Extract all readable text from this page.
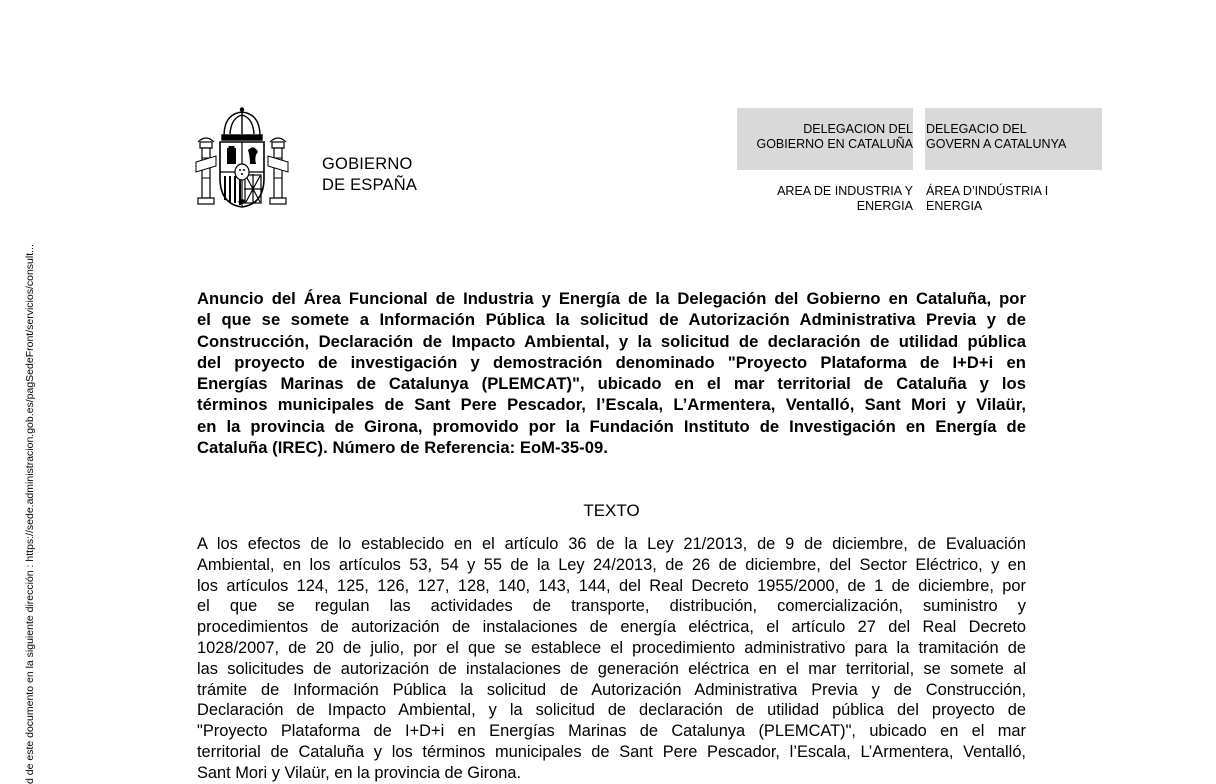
d de este documento en la siguiente dirección : https://sede.administracion.gob.es/pagSedeFront/servicios/consult...
GOBIERNO
DE ESPAÑA
DELEGACION DEL
GOBIERNO EN CATALUÑA
DELEGACIO DEL
GOVERN A CATALUNYA
AREA DE INDUSTRIA Y
ENERGIA
ÁREA D’INDÚSTRIA I
ENERGIA
Anuncio del Área Funcional de Industria y Energía de la Delegación del Gobierno en Cataluña, por
el que se somete a Información Pública la solicitud de Autorización Administrativa Previa y de
Construcción, Declaración de Impacto Ambiental, y la solicitud de declaración de utilidad pública
del proyecto de investigación y demostración denominado "Proyecto Plataforma de I+D+i en
Energías Marinas de Catalunya (PLEMCAT)", ubicado en el mar territorial de Cataluña y los
términos municipales de Sant Pere Pescador, l’Escala, L’Armentera, Ventalló, Sant Mori y Vilaür,
en la provincia de Girona, promovido por la Fundación Instituto de Investigación en Energía de
Cataluña (IREC). Número de Referencia: EoM-35-09.
TEXTO
A los efectos de lo establecido en el artículo 36 de la Ley 21/2013, de 9 de diciembre, de Evaluación
Ambiental, en los artículos 53, 54 y 55 de la Ley 24/2013, de 26 de diciembre, del Sector Eléctrico, y en
los artículos 124, 125, 126, 127, 128, 140, 143, 144, del Real Decreto 1955/2000, de 1 de diciembre, por
el que se regulan las actividades de transporte, distribución, comercialización, suministro y
procedimientos de autorización de instalaciones de energía eléctrica, el artículo 27 del Real Decreto
1028/2007, de 20 de julio, por el que se establece el procedimiento administrativo para la tramitación de
las solicitudes de autorización de instalaciones de generación eléctrica en el mar territorial, se somete al
trámite de Información Pública la solicitud de Autorización Administrativa Previa y de Construcción,
Declaración de Impacto Ambiental, y la solicitud de declaración de utilidad pública del proyecto de
"Proyecto Plataforma de I+D+i en Energías Marinas de Catalunya (PLEMCAT)", ubicado en el mar
territorial de Cataluña y los términos municipales de Sant Pere Pescador, l’Escala, L’Armentera, Ventalló,
Sant Mori y Vilaür, en la provincia de Girona.
